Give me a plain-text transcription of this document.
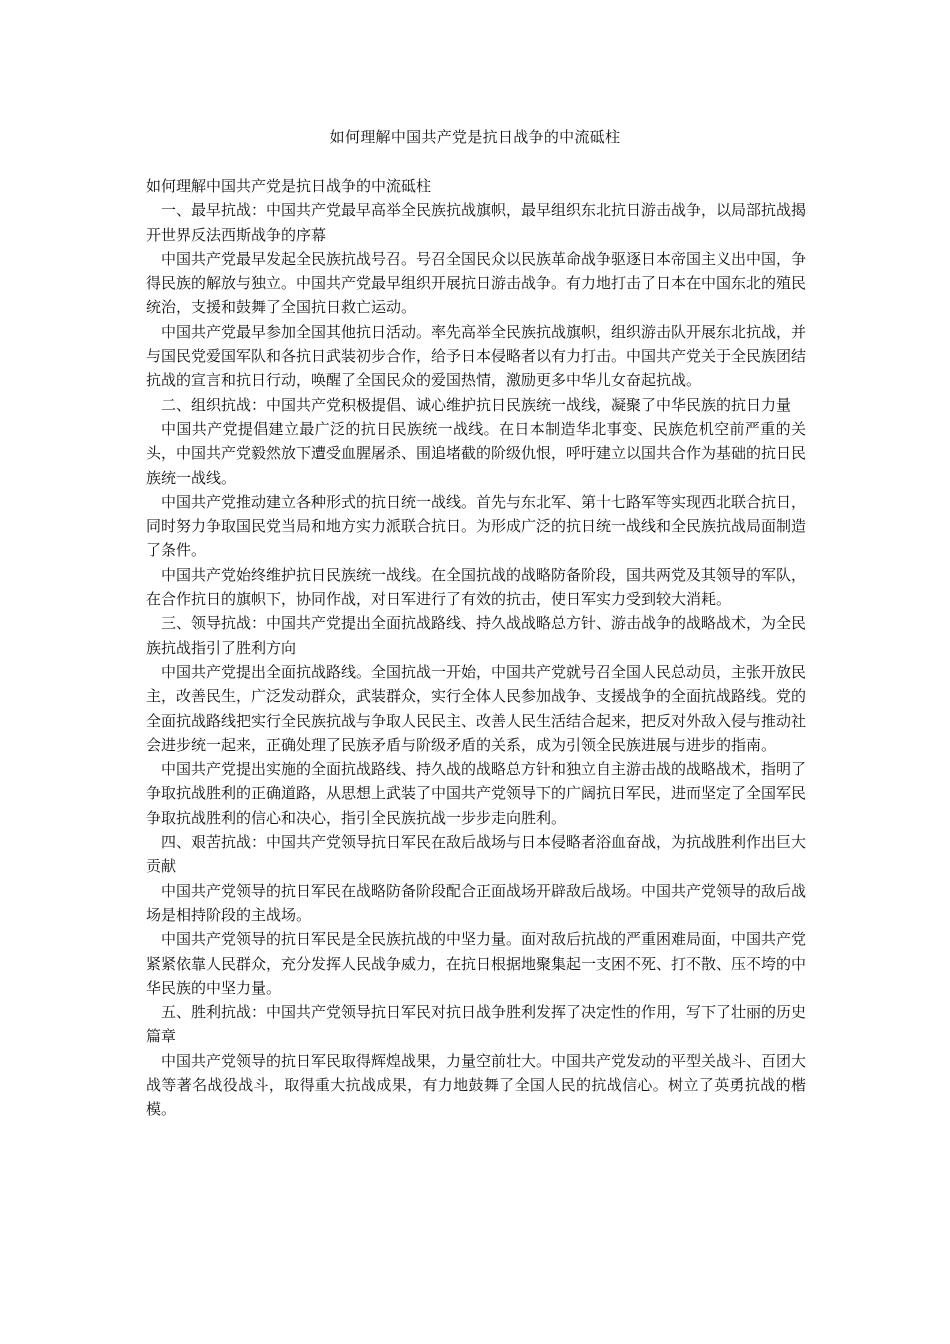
如何理解中国共产党是抗日战争的中流砥柱

如何理解中国共产党是抗日战争的中流砥柱

一、最早抗战：中国共产党最早高举全民族抗战旗帜，最早组织东北抗日游击战争，以局部抗战揭开世界反法西斯战争的序幕

中国共产党最早发起全民族抗战号召。号召全国民众以民族革命战争驱逐日本帝国主义出中国，争得民族的解放与独立。中国共产党最早组织开展抗日游击战争。有力地打击了日本在中国东北的殖民统治，支援和鼓舞了全国抗日救亡运动。

中国共产党最早参加全国其他抗日活动。率先高举全民族抗战旗帜，组织游击队开展东北抗战，并与国民党爱国军队和各抗日武装初步合作，给予日本侵略者以有力打击。中国共产党关于全民族团结抗战的宣言和抗日行动，唤醒了全国民众的爱国热情，激励更多中华儿女奋起抗战。

二、组织抗战：中国共产党积极提倡、诚心维护抗日民族统一战线，凝聚了中华民族的抗日力量

中国共产党提倡建立最广泛的抗日民族统一战线。在日本制造华北事变、民族危机空前严重的关头，中国共产党毅然放下遭受血腥屠杀、围追堵截的阶级仇恨，呼吁建立以国共合作为基础的抗日民族统一战线。

中国共产党推动建立各种形式的抗日统一战线。首先与东北军、第十七路军等实现西北联合抗日，同时努力争取国民党当局和地方实力派联合抗日。为形成广泛的抗日统一战线和全民族抗战局面制造了条件。

中国共产党始终维护抗日民族统一战线。在全国抗战的战略防备阶段，国共两党及其领导的军队，在合作抗日的旗帜下，协同作战，对日军进行了有效的抗击，使日军实力受到较大消耗。

三、领导抗战：中国共产党提出全面抗战路线、持久战战略总方针、游击战争的战略战术，为全民族抗战指引了胜利方向

中国共产党提出全面抗战路线。全国抗战一开始，中国共产党就号召全国人民总动员，主张开放民主，改善民生，广泛发动群众，武装群众，实行全体人民参加战争、支援战争的全面抗战路线。党的全面抗战路线把实行全民族抗战与争取人民民主、改善人民生活结合起来，把反对外敌入侵与推动社会进步统一起来，正确处理了民族矛盾与阶级矛盾的关系，成为引领全民族进展与进步的指南。

中国共产党提出实施的全面抗战路线、持久战的战略总方针和独立自主游击战的战略战术，指明了争取抗战胜利的正确道路，从思想上武装了中国共产党领导下的广阔抗日军民，进而坚定了全国军民争取抗战胜利的信心和决心，指引全民族抗战一步步走向胜利。

四、艰苦抗战：中国共产党领导抗日军民在敌后战场与日本侵略者浴血奋战，为抗战胜利作出巨大贡献

中国共产党领导的抗日军民在战略防备阶段配合正面战场开辟敌后战场。中国共产党领导的敌后战场是相持阶段的主战场。

中国共产党领导的抗日军民是全民族抗战的中坚力量。面对敌后抗战的严重困难局面，中国共产党紧紧依靠人民群众，充分发挥人民战争威力，在抗日根据地聚集起一支困不死、打不散、压不垮的中华民族的中坚力量。

五、胜利抗战：中国共产党领导抗日军民对抗日战争胜利发挥了决定性的作用，写下了壮丽的历史篇章

中国共产党领导的抗日军民取得辉煌战果，力量空前壮大。中国共产党发动的平型关战斗、百团大战等著名战役战斗，取得重大抗战成果，有力地鼓舞了全国人民的抗战信心。树立了英勇抗战的楷模。
